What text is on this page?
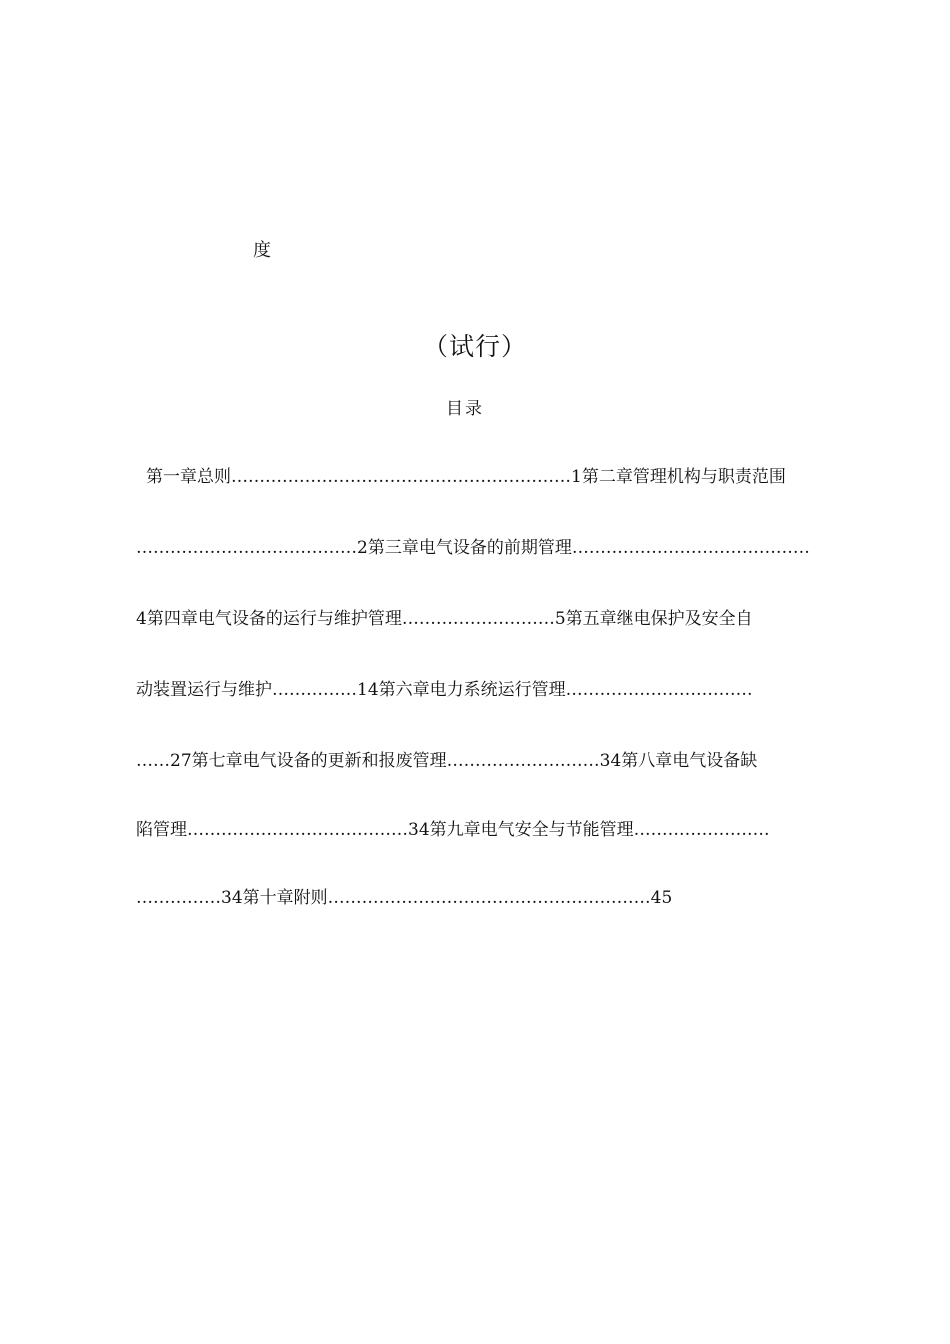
度
（试行）
目录
第一章总则……………………………………………………1第二章管理机构与职责范围
…………………………………2第三章电气设备的前期管理……………………………………
4第四章电气设备的运行与维护管理………………………5第五章继电保护及安全自
动装置运行与维护……………14第六章电力系统运行管理……………………………
……27第七章电气设备的更新和报废管理………………………34第八章电气设备缺
陷管理…………………………………34第九章电气安全与节能管理……………………
……………34第十章附则…………………………………………………45
